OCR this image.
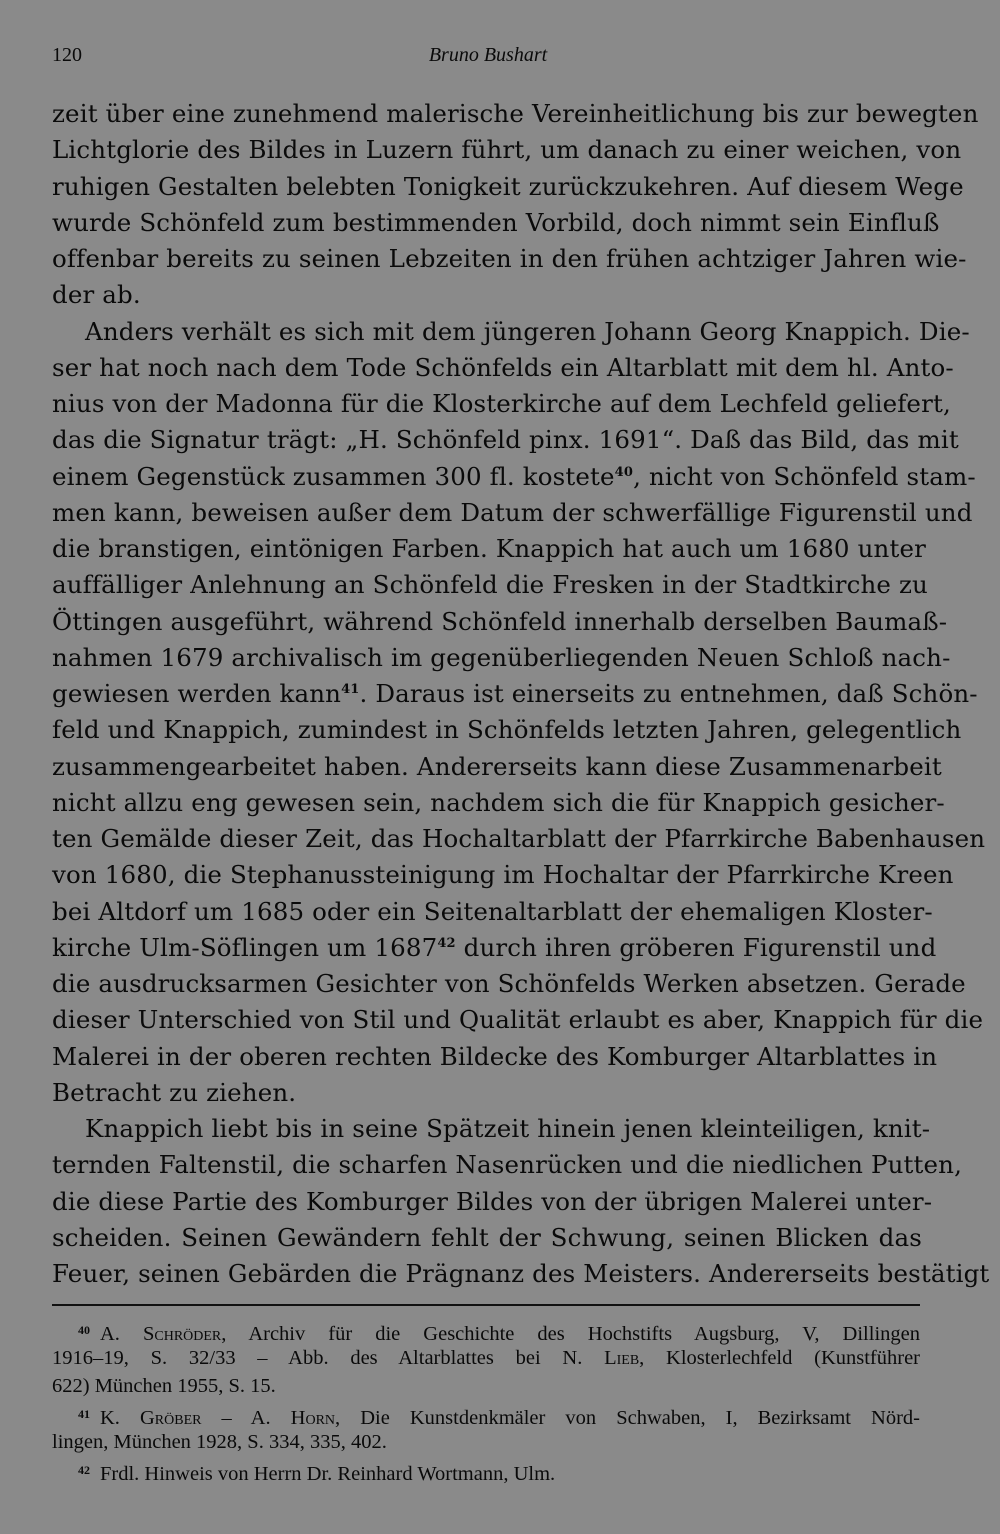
120	Bruno Bushart
zeit über eine zunehmend malerische Vereinheitlichung bis zur bewegten
Lichtglorie des Bildes in Luzern führt, um danach zu einer weichen, von
ruhigen Gestalten belebten Tonigkeit zurückzukehren. Auf diesem Wege
wurde Schönfeld zum bestimmenden Vorbild, doch nimmt sein Einfluß
offenbar bereits zu seinen Lebzeiten in den frühen achtziger Jahren wie-
der ab.
Anders verhält es sich mit dem jüngeren Johann Georg Knappich. Die-
ser hat noch nach dem Tode Schönfelds ein Altarblatt mit dem hl. Anto-
nius von der Madonna für die Klosterkirche auf dem Lechfeld geliefert,
das die Signatur trägt: „H. Schönfeld pinx. 1691“. Daß das Bild, das mit
einem Gegenstück zusammen 300 fl. kostete$^{40}$, nicht von Schönfeld stam-
men kann, beweisen außer dem Datum der schwerfällige Figurenstil und
die branstigen, eintönigen Farben. Knappich hat auch um 1680 unter
auffälliger Anlehnung an Schönfeld die Fresken in der Stadtkirche zu
Öttingen ausgeführt, während Schönfeld innerhalb derselben Baumaß-
nahmen 1679 archivalisch im gegenüberliegenden Neuen Schloß nach-
gewiesen werden kann$^{41}$. Daraus ist einerseits zu entnehmen, daß Schön-
feld und Knappich, zumindest in Schönfelds letzten Jahren, gelegentlich
zusammengearbeitet haben. Andererseits kann diese Zusammenarbeit
nicht allzu eng gewesen sein, nachdem sich die für Knappich gesicher-
ten Gemälde dieser Zeit, das Hochaltarblatt der Pfarrkirche Babenhausen
von 1680, die Stephanussteinigung im Hochaltar der Pfarrkirche Kreen
bei Altdorf um 1685 oder ein Seitenaltarblatt der ehemaligen Kloster-
kirche Ulm-Söflingen um 1687$^{42}$ durch ihren gröberen Figurenstil und
die ausdrucksarmen Gesichter von Schönfelds Werken absetzen. Gerade
dieser Unterschied von Stil und Qualität erlaubt es aber, Knappich für die
Malerei in der oberen rechten Bildecke des Komburger Altarblattes in
Betracht zu ziehen.
Knappich liebt bis in seine Spätzeit hinein jenen kleinteiligen, knit-
ternden Faltenstil, die scharfen Nasenrücken und die niedlichen Putten,
die diese Partie des Komburger Bildes von der übrigen Malerei unter-
scheiden. Seinen Gewändern fehlt der Schwung, seinen Blicken das
Feuer, seinen Gebärden die Prägnanz des Meisters. Andererseits bestätigt
$^{40}$ A. Schröder, Archiv für die Geschichte des Hochstifts Augsburg, V, Dillingen
1916–19, S. 32/33 – Abb. des Altarblattes bei N. Lieb, Klosterlechfeld (Kunstführer
622) München 1955, S. 15.
$^{41}$ K. Gröber – A. Horn, Die Kunstdenkmäler von Schwaben, I, Bezirksamt Nörd-
lingen, München 1928, S. 334, 335, 402.
$^{42}$ Frdl. Hinweis von Herrn Dr. Reinhard Wortmann, Ulm.
